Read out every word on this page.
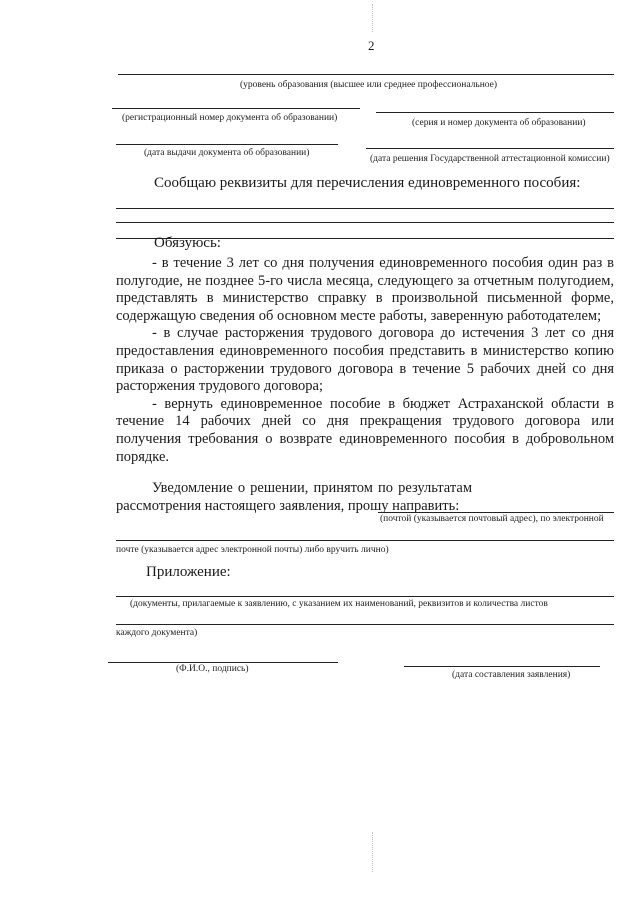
2
(уровень образования (высшее или среднее профессиональное)
(регистрационный номер документа об образовании)	(серия и номер документа об образовании)
(дата выдачи документа об образовании)
(дата решения Государственной аттестационной комиссии)
Сообщаю реквизиты для перечисления единовременного пособия:
Обязуюсь:

- в течение 3 лет со дня получения единовременного пособия один раз в полугодие, не позднее 5-го числа месяца, следующего за отчетным полугодием, представлять в министерство справку в произвольной письменной форме, содержащую сведения об основном месте работы, заверенную работодателем;

- в случае расторжения трудового договора до истечения 3 лет со дня предоставления единовременного пособия представить в министерство копию приказа о расторжении трудового договора в течение 5 рабочих дней со дня расторжения трудового договора;

- вернуть единовременное пособие в бюджет Астраханской области в течение 14 рабочих дней со дня прекращения трудового договора или получения требования о возврате единовременного пособия в добровольном порядке.

Уведомление о решении, принятом по результатам рассмотрения настоящего заявления, прошу направить:

(почтой (указывается почтовый адрес), по электронной
почте (указывается адрес электронной почты) либо вручить лично)
Приложение:
(документы, прилагаемые к заявлению, с указанием их наименований, реквизитов и количества листов
каждого документа)
(Ф.И.О., подпись)
(дата составления заявления)
